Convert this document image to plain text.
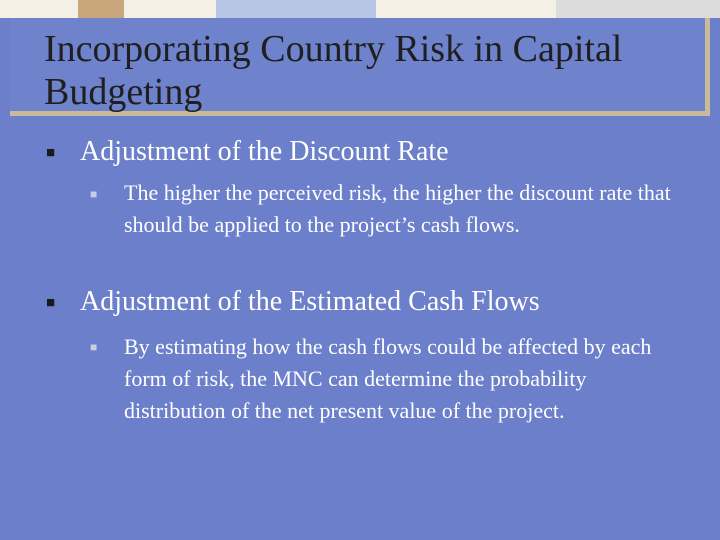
Incorporating Country Risk in Capital Budgeting
■
Adjustment of the Discount Rate
■
The higher the perceived risk, the higher the discount rate that should be applied to the project’s cash flows.
■
Adjustment of the Estimated Cash Flows
■
By estimating how the cash flows could be affected by each form of risk, the MNC can determine the probability distribution of the net present value of the project.
